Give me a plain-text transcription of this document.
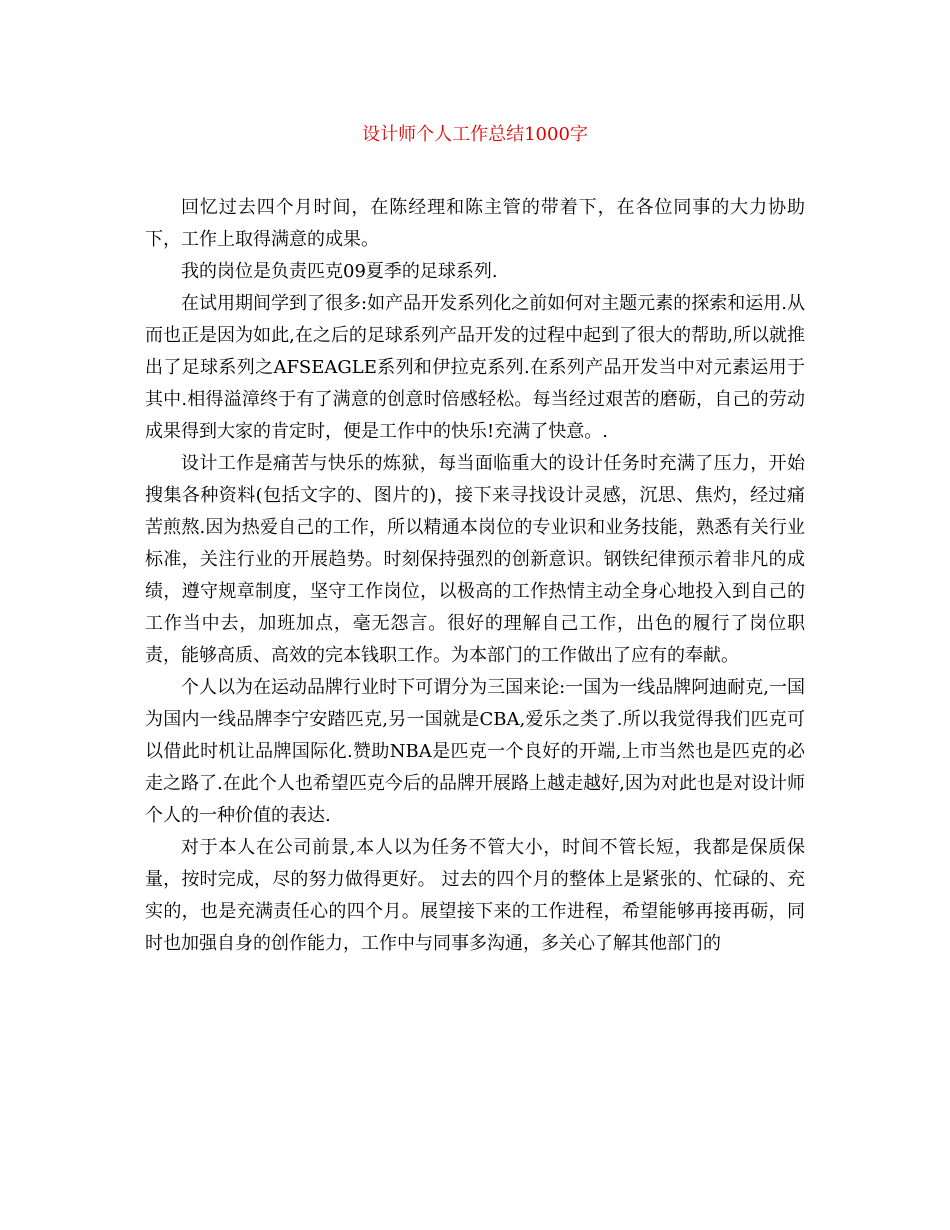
设计师个人工作总结1000字

回忆过去四个月时间，在陈经理和陈主管的带着下，在各位同事的大力协助下，工作上取得满意的成果。

我的岗位是负责匹克09夏季的足球系列.

在试用期间学到了很多:如产品开发系列化之前如何对主题元素的探索和运用.从而也正是因为如此,在之后的足球系列产品开发的过程中起到了很大的帮助,所以就推出了足球系列之AFSEAGLE系列和伊拉克系列.在系列产品开发当中对元素运用于其中.相得溢漳终于有了满意的创意时倍感轻松。每当经过艰苦的磨砺，自己的劳动成果得到大家的肯定时，便是工作中的快乐!充满了快意。.

设计工作是痛苦与快乐的炼狱，每当面临重大的设计任务时充满了压力，开始搜集各种资料(包括文字的、图片的)，接下来寻找设计灵感，沉思、焦灼，经过痛苦煎熬.因为热爱自己的工作，所以精通本岗位的专业识和业务技能，熟悉有关行业标准，关注行业的开展趋势。时刻保持强烈的创新意识。钢铁纪律预示着非凡的成绩，遵守规章制度，坚守工作岗位，以极高的工作热情主动全身心地投入到自己的工作当中去，加班加点，毫无怨言。很好的理解自己工作，出色的履行了岗位职责，能够高质、高效的完本钱职工作。为本部门的工作做出了应有的奉献。

个人以为在运动品牌行业时下可谓分为三国来论:一国为一线品牌阿迪耐克,一国为国内一线品牌李宁安踏匹克,另一国就是CBA,爱乐之类了.所以我觉得我们匹克可以借此时机让品牌国际化.赞助NBA是匹克一个良好的开端,上市当然也是匹克的必走之路了.在此个人也希望匹克今后的品牌开展路上越走越好,因为对此也是对设计师个人的一种价值的表达.

对于本人在公司前景,本人以为任务不管大小，时间不管长短，我都是保质保量，按时完成，尽的努力做得更好。 过去的四个月的整体上是紧张的、忙碌的、充实的，也是充满责任心的四个月。展望接下来的工作进程，希望能够再接再砺，同时也加强自身的创作能力，工作中与同事多沟通，多关心了解其他部门的
